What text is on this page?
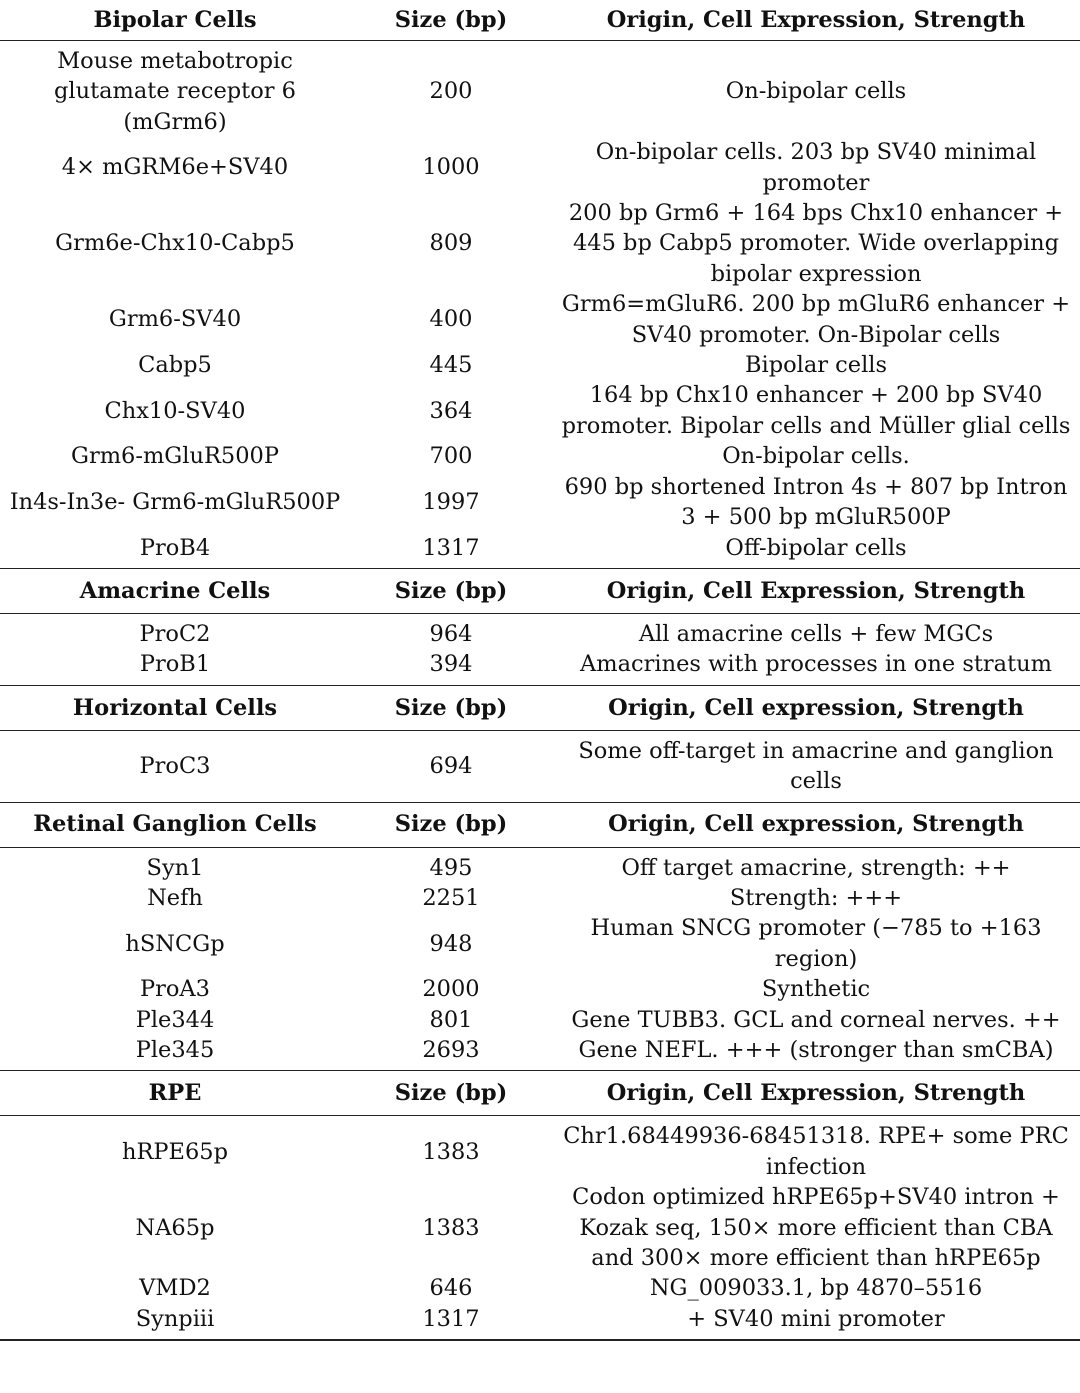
Bipolar Cells	Size (bp)	Origin, Cell Expression, Strength
Mouse metabotropic glutamate receptor 6 (mGrm6)	200	On-bipolar cells
4× mGRM6e+SV40	1000	On-bipolar cells. 203 bp SV40 minimal promoter
Grm6e-Chx10-Cabp5	809	200 bp Grm6 + 164 bps Chx10 enhancer + 445 bp Cabp5 promoter. Wide overlapping bipolar expression
Grm6-SV40	400	Grm6=mGluR6. 200 bp mGluR6 enhancer + SV40 promoter. On-Bipolar cells
Cabp5	445	Bipolar cells
Chx10-SV40	364	164 bp Chx10 enhancer + 200 bp SV40 promoter. Bipolar cells and Müller glial cells
Grm6-mGluR500P	700	On-bipolar cells.
In4s-In3e- Grm6-mGluR500P	1997	690 bp shortened Intron 4s + 807 bp Intron 3 + 500 bp mGluR500P
ProB4	1317	Off-bipolar cells
Amacrine Cells	Size (bp)	Origin, Cell Expression, Strength
ProC2	964	All amacrine cells + few MGCs
ProB1	394	Amacrines with processes in one stratum
Horizontal Cells	Size (bp)	Origin, Cell expression, Strength
ProC3	694	Some off-target in amacrine and ganglion cells
Retinal Ganglion Cells	Size (bp)	Origin, Cell expression, Strength
Syn1	495	Off target amacrine, strength: ++
Nefh	2251	Strength: +++
hSNCGp	948	Human SNCG promoter (−785 to +163 region)
ProA3	2000	Synthetic
Ple344	801	Gene TUBB3. GCL and corneal nerves. ++
Ple345	2693	Gene NEFL. +++ (stronger than smCBA)
RPE	Size (bp)	Origin, Cell Expression, Strength
hRPE65p	1383	Chr1.68449936-68451318. RPE+ some PRC infection
NA65p	1383	Codon optimized hRPE65p+SV40 intron + Kozak seq, 150× more efficient than CBA and 300× more efficient than hRPE65p
VMD2	646	NG_009033.1, bp 4870–5516
Synpiii	1317	+ SV40 mini promoter
